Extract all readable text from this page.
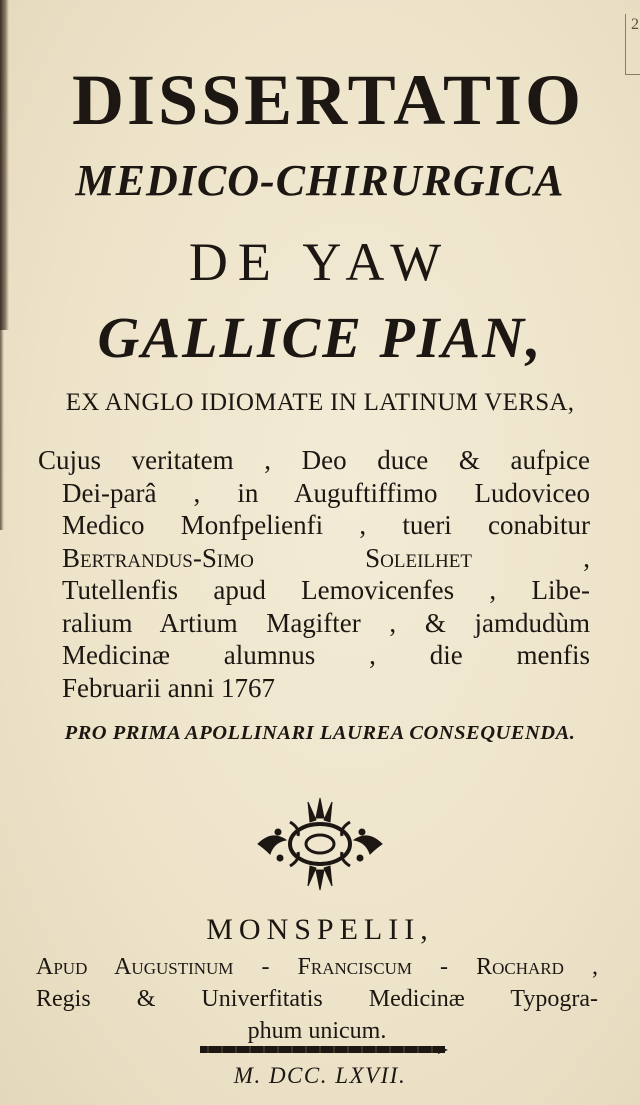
2
DISSERTATIO
MEDICO-CHIRURGICA
DE YAW
GALLICE PIAN,
EX ANGLO IDIOMATE IN LATINUM VERSA,
Cujus veritatem , Deo duce & aufpice
Dei-parâ , in Auguftiffimo Ludoviceo
Medico Monfpelienfi , tueri conabitur
Bertrandus-Simo Soleilhet ,
Tutellenfis apud Lemovicenfes , Libe-
ralium Artium Magifter , & jamdudùm
Medicinæ alumnus , die menfis
Februarii anni 1767
PRO PRIMA APOLLINARI LAUREA CONSEQUENDA.
MONSPELII,
Apud Augustinum - Franciscum - Rochard ,
Regis & Univerfitatis Medicinæ Typogra-
phum unicum.
M. DCC. LXVII.
